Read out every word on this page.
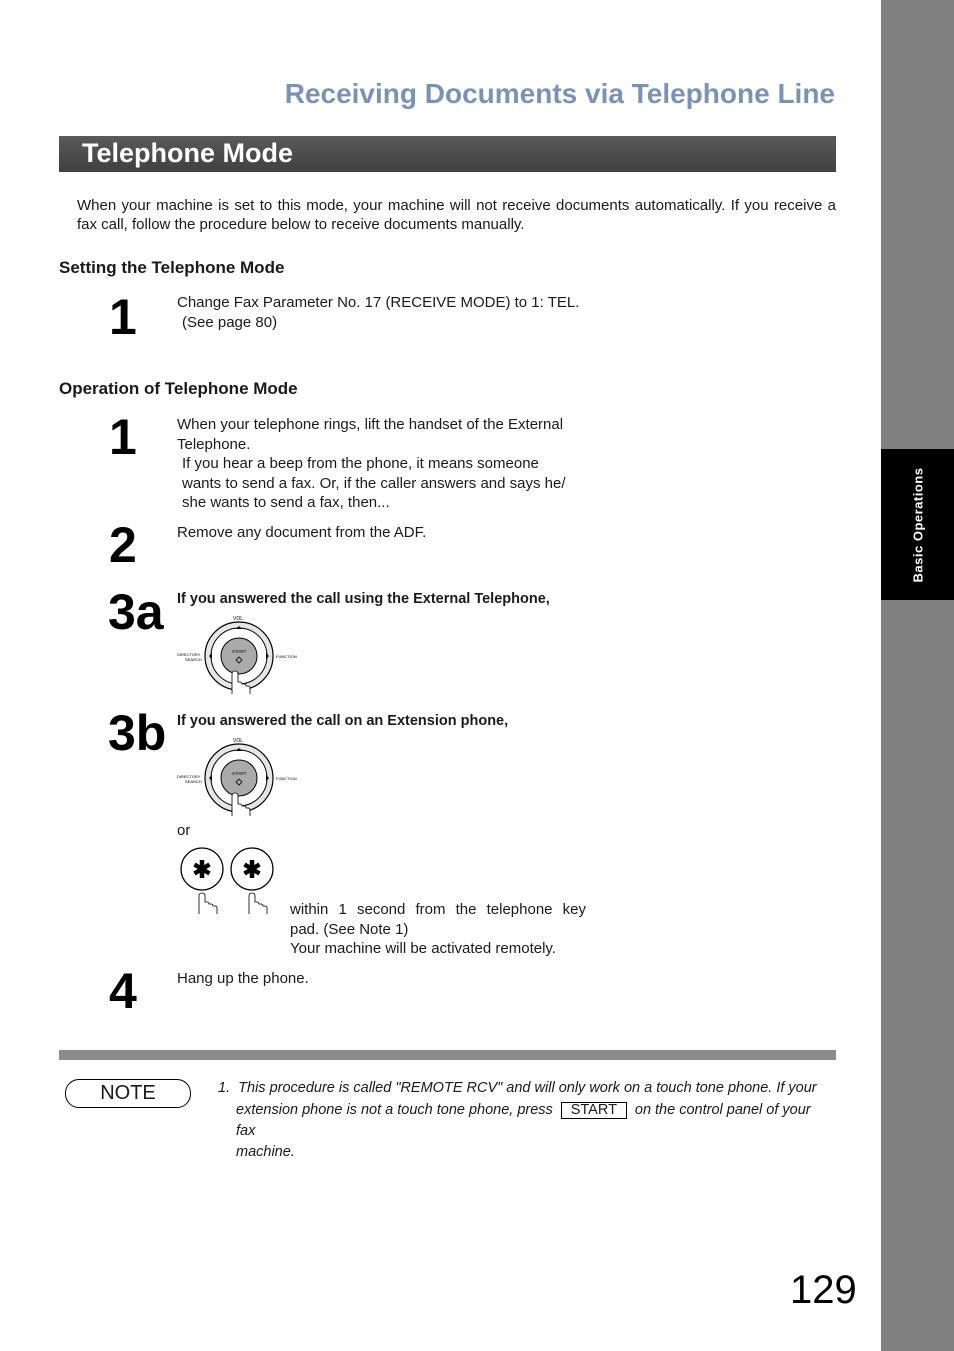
Basic Operations
Receiving Documents via Telephone Line
Telephone Mode
When your machine is set to this mode, your machine will not receive documents automatically. If you receive a fax call, follow the procedure below to receive documents manually.
Setting the Telephone Mode
1	Change Fax Parameter No. 17 (RECEIVE MODE) to 1: TEL.
(See page 80)
Operation of Telephone Mode
1	When your telephone rings, lift the handset of the External
Telephone.
If you hear a beep from the phone, it means someone
wants to send a fax. Or, if the caller answers and says he/
she wants to send a fax, then...
2	Remove any document from the ADF.
3a If you answered the call using the External Telephone,
VOL
START
DIRECTORY
SEARCH
FUNCTION
3b If you answered the call on an Extension phone,
VOL
START
DIRECTORY
SEARCH
FUNCTION
or
within 1 second from the telephone key
pad. (See Note 1)
Your machine will be activated remotely.
4	Hang up the phone.
NOTE	1. This procedure is called "REMOTE RCV" and will only work on a touch tone phone. If your
extension phone is not a touch tone phone, press START on the control panel of your fax
machine.
129
